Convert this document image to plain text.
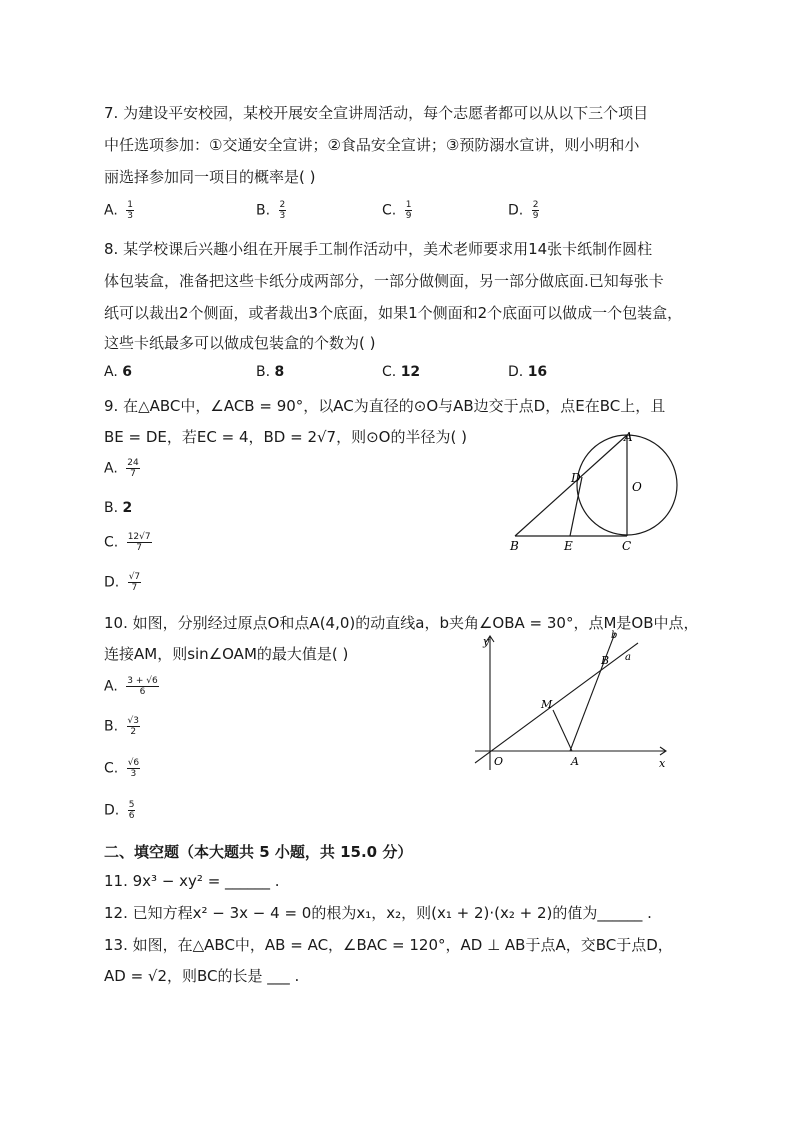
7. 为建设平安校园，某校开展安全宣讲周活动，每个志愿者都可以从以下三个项目
中任选项参加：①交通安全宣讲；②食品安全宣讲；③预防溺水宣讲，则小明和小
丽选择参加同一项目的概率是( )
A. $\frac{1}{3}$	B. $\frac{2}{3}$	C. $\frac{1}{9}$	D. $\frac{2}{9}$
8. 某学校课后兴趣小组在开展手工制作活动中，美术老师要求用14张卡纸制作圆柱
体包装盒，准备把这些卡纸分成两部分，一部分做侧面，另一部分做底面.已知每张卡
纸可以裁出2个侧面，或者裁出3个底面，如果1个侧面和2个底面可以做成一个包装盒，
这些卡纸最多可以做成包装盒的个数为( )
A. 6	B. 8	C. 12	D. 16
9. 在△ABC中，∠ACB = 90°，以AC为直径的⊙O与AB边交于点D，点E在BC上，且
BE = DE，若EC = 4，BD = 2√7，则⊙O的半径为( )
A. $\frac{24}{7}$
B. 2
C. $\frac{12√7}{7}$
D. $\frac{√7}{7}$
A
B	C
D
E
O
10. 如图，分别经过原点O和点A(4,0)的动直线a，b夹角∠OBA = 30°，点M是OB中点，
连接AM，则sin∠OAM的最大值是( )
A. $\frac{3 + √6}{6}$
B. $\frac{√3}{2}$
C. $\frac{√6}{3}$
D. $\frac{5}{6}$
y
x
O	A
B
M
a
b
二、填空题（本大题共 5 小题，共 15.0 分）
11. 9x³ − xy² = ______ .
12. 已知方程x² − 3x − 4 = 0的根为x₁，x₂，则(x₁ + 2)·(x₂ + 2)的值为______ .
13. 如图，在△ABC中，AB = AC，∠BAC = 120°，AD ⊥ AB于点A，交BC于点D，
AD = √2，则BC的长是 ___ .
